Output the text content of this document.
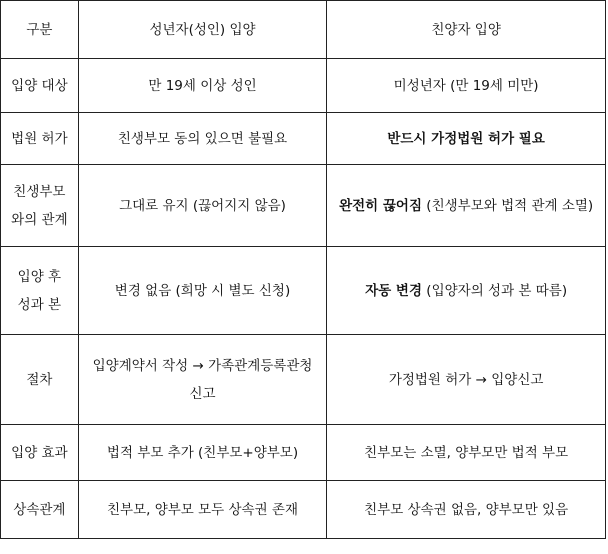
구분	성년자(성인) 입양	친양자 입양
입양 대상	만 19세 이상 성인	미성년자 (만 19세 미만)
법원 허가	친생부모 동의 있으면 불필요	반드시 가정법원 허가 필요
친생부모
와의 관계	그대로 유지 (끊어지지 않음)	완전히 끊어짐 (친생부모와 법적 관계 소멸)
입양 후
성과 본	변경 없음 (희망 시 별도 신청)	자동 변경 (입양자의 성과 본 따름)
절차	입양계약서 작성 → 가족관계등록관청 신고	가정법원 허가 → 입양신고
입양 효과	법적 부모 추가 (친부모+양부모)	친부모는 소멸, 양부모만 법적 부모
상속관계	친부모, 양부모 모두 상속권 존재	친부모 상속권 없음, 양부모만 있음
